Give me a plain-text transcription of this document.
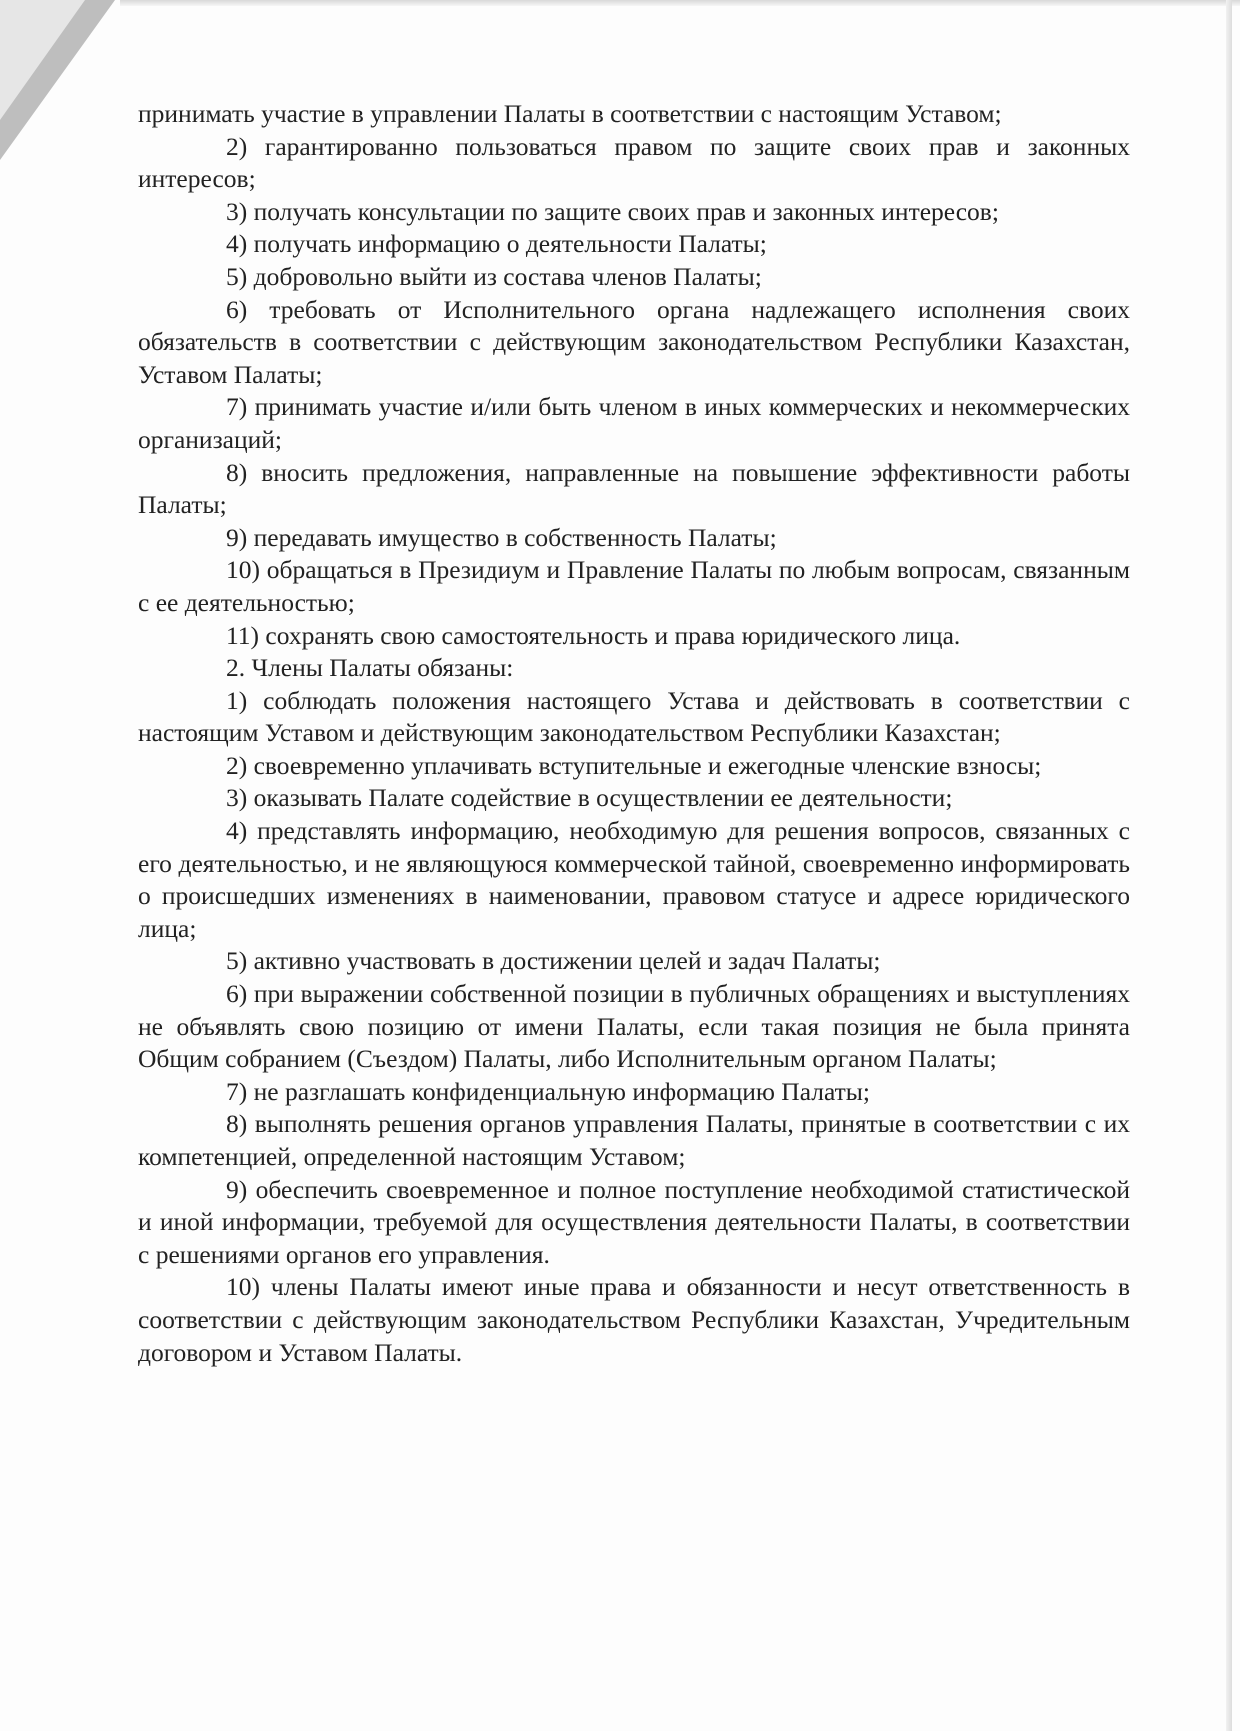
принимать участие в управлении Палаты в соответствии с настоящим Уставом;

2) гарантированно пользоваться правом по защите своих прав и законных интересов;

3) получать консультации по защите своих прав и законных интересов;

4) получать информацию о деятельности Палаты;

5) добровольно выйти из состава членов Палаты;

6) требовать от Исполнительного органа надлежащего исполнения своих обязательств в соответствии с действующим законодательством Республики Казахстан, Уставом Палаты;

7) принимать участие и/или быть членом в иных коммерческих и некоммерческих организаций;

8) вносить предложения, направленные на повышение эффективности работы Палаты;

9) передавать имущество в собственность Палаты;

10) обращаться в Президиум и Правление Палаты по любым вопросам, связанным с ее деятельностью;

11) сохранять свою самостоятельность и права юридического лица.

2. Члены Палаты обязаны:

1) соблюдать положения настоящего Устава и действовать в соответствии с настоящим Уставом и действующим законодательством Республики Казахстан;

2) своевременно уплачивать вступительные и ежегодные членские взносы;

3) оказывать Палате содействие в осуществлении ее деятельности;

4) представлять информацию, необходимую для решения вопросов, связанных с его деятельностью, и не являющуюся коммерческой тайной, своевременно информировать о происшедших изменениях в наименовании, правовом статусе и адресе юридического лица;

5) активно участвовать в достижении целей и задач Палаты;

6) при выражении собственной позиции в публичных обращениях и выступлениях не объявлять свою позицию от имени Палаты, если такая позиция не была принята Общим собранием (Съездом) Палаты, либо Исполнительным органом Палаты;

7) не разглашать конфиденциальную информацию Палаты;

8) выполнять решения органов управления Палаты, принятые в соответствии с их компетенцией, определенной настоящим Уставом;

9) обеспечить своевременное и полное поступление необходимой статистической и иной информации, требуемой для осуществления деятельности Палаты, в соответствии с решениями органов его управления.

10) члены Палаты имеют иные права и обязанности и несут ответственность в соответствии с действующим законодательством Республики Казахстан, Учредительным договором и Уставом Палаты.
